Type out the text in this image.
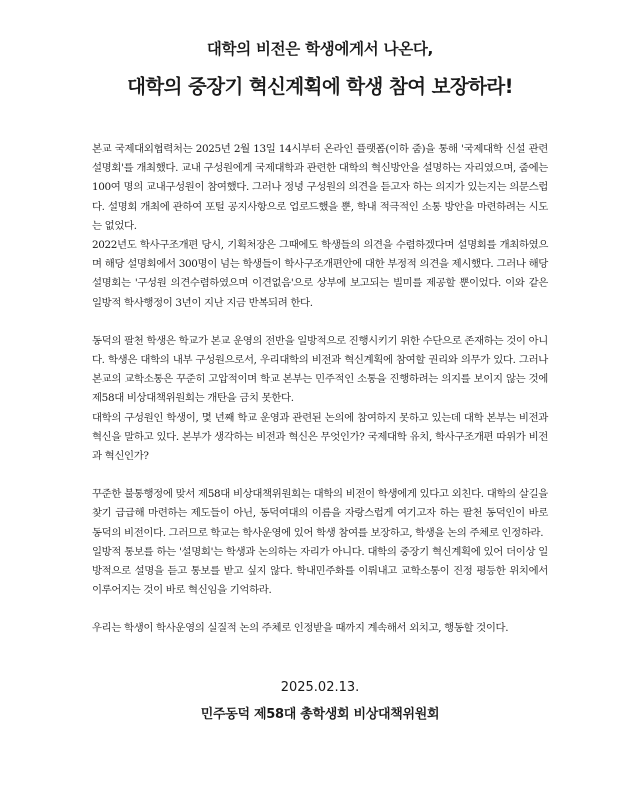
대학의 비전은 학생에게서 나온다,
대학의 중장기 혁신계획에 학생 참여 보장하라!

본교 국제대외협력처는 2025년 2월 13일 14시부터 온라인 플랫폼(이하 줌)을 통해 '국제대학 신설 관련 설명회'를 개최했다. 교내 구성원에게 국제대학과 관련한 대학의 혁신방안을 설명하는 자리였으며, 줌에는 100여 명의 교내구성원이 참여했다. 그러나 정녕 구성원의 의견을 듣고자 하는 의지가 있는지는 의문스럽다. 설명회 개최에 관하여 포털 공지사항으로 업로드했을 뿐, 학내 적극적인 소통 방안을 마련하려는 시도는 없었다.

2022년도 학사구조개편 당시, 기획처장은 그때에도 학생들의 의견을 수렴하겠다며 설명회를 개최하였으며 해당 설명회에서 300명이 넘는 학생들이 학사구조개편안에 대한 부정적 의견을 제시했다. 그러나 해당 설명회는 '구성원 의견수렴하였으며 이견없음'으로 상부에 보고되는 빌미를 제공할 뿐이었다. 이와 같은 일방적 학사행정이 3년이 지난 지금 반복되려 한다.

동덕의 팔천 학생은 학교가 본교 운영의 전반을 일방적으로 진행시키기 위한 수단으로 존재하는 것이 아니다. 학생은 대학의 내부 구성원으로서, 우리대학의 비전과 혁신계획에 참여할 권리와 의무가 있다. 그러나 본교의 교학소통은 꾸준히 고압적이며 학교 본부는 민주적인 소통을 진행하려는 의지를 보이지 않는 것에 제58대 비상대책위원회는 개탄을 금치 못한다.

대학의 구성원인 학생이, 몇 년째 학교 운영과 관련된 논의에 참여하지 못하고 있는데 대학 본부는 비전과 혁신을 말하고 있다. 본부가 생각하는 비전과 혁신은 무엇인가? 국제대학 유치, 학사구조개편 따위가 비전과 혁신인가?

꾸준한 불통행정에 맞서 제58대 비상대책위원회는 대학의 비전이 학생에게 있다고 외친다. 대학의 살길을 찾기 급급해 마련하는 제도들이 아닌, 동덕여대의 이름을 자랑스럽게 여기고자 하는 팔천 동덕인이 바로 동덕의 비전이다. 그러므로 학교는 학사운영에 있어 학생 참여를 보장하고, 학생을 논의 주체로 인정하라.

일방적 통보를 하는 '설명회'는 학생과 논의하는 자리가 아니다. 대학의 중장기 혁신계획에 있어 더이상 일방적으로 설명을 듣고 통보를 받고 싶지 않다. 학내민주화를 이뤄내고 교학소통이 진정 평등한 위치에서 이루어지는 것이 바로 혁신임을 기억하라.

우리는 학생이 학사운영의 실질적 논의 주체로 인정받을 때까지 계속해서 외치고, 행동할 것이다.

2025.02.13.
민주동덕 제58대 총학생회 비상대책위원회
